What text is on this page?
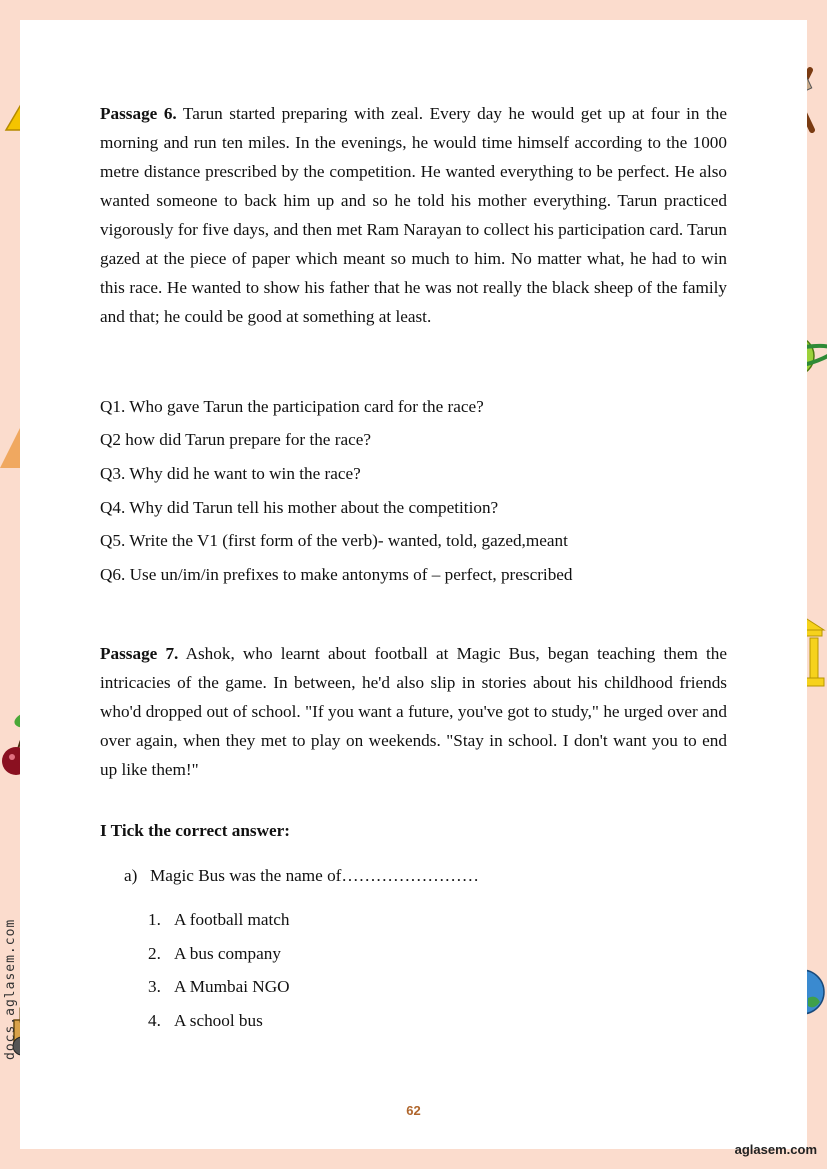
docs.aglasem.com

Passage 6. Tarun started preparing with zeal. Every day he would get up at four in the morning and run ten miles. In the evenings, he would time himself according to the 1000 metre distance prescribed by the competition. He wanted everything to be perfect. He also wanted someone to back him up and so he told his mother everything. Tarun practiced vigorously for five days, and then met Ram Narayan to collect his participation card. Tarun gazed at the piece of paper which meant so much to him. No matter what, he had to win this race. He wanted to show his father that he was not really the black sheep of the family and that; he could be good at something at least.

Q1. Who gave Tarun the participation card for the race?

Q2 how did Tarun prepare for the race?

Q3. Why did he want to win the race?

Q4. Why did Tarun tell his mother about the competition?

Q5. Write the V1 (first form of the verb)- wanted, told, gazed,meant

Q6. Use un/im/in prefixes to make antonyms of – perfect, prescribed

Passage 7. Ashok, who learnt about football at Magic Bus, began teaching them the intricacies of the game. In between, he'd also slip in stories about his childhood friends who'd dropped out of school. "If you want a future, you've got to study," he urged over and over again, when they met to play on weekends. "Stay in school. I don't want you to end up like them!"

I Tick the correct answer:

a) Magic Bus was the name of……………………

1. A football match

2. A bus company

3. A Mumbai NGO

4. A school bus

62
aglasem.com
